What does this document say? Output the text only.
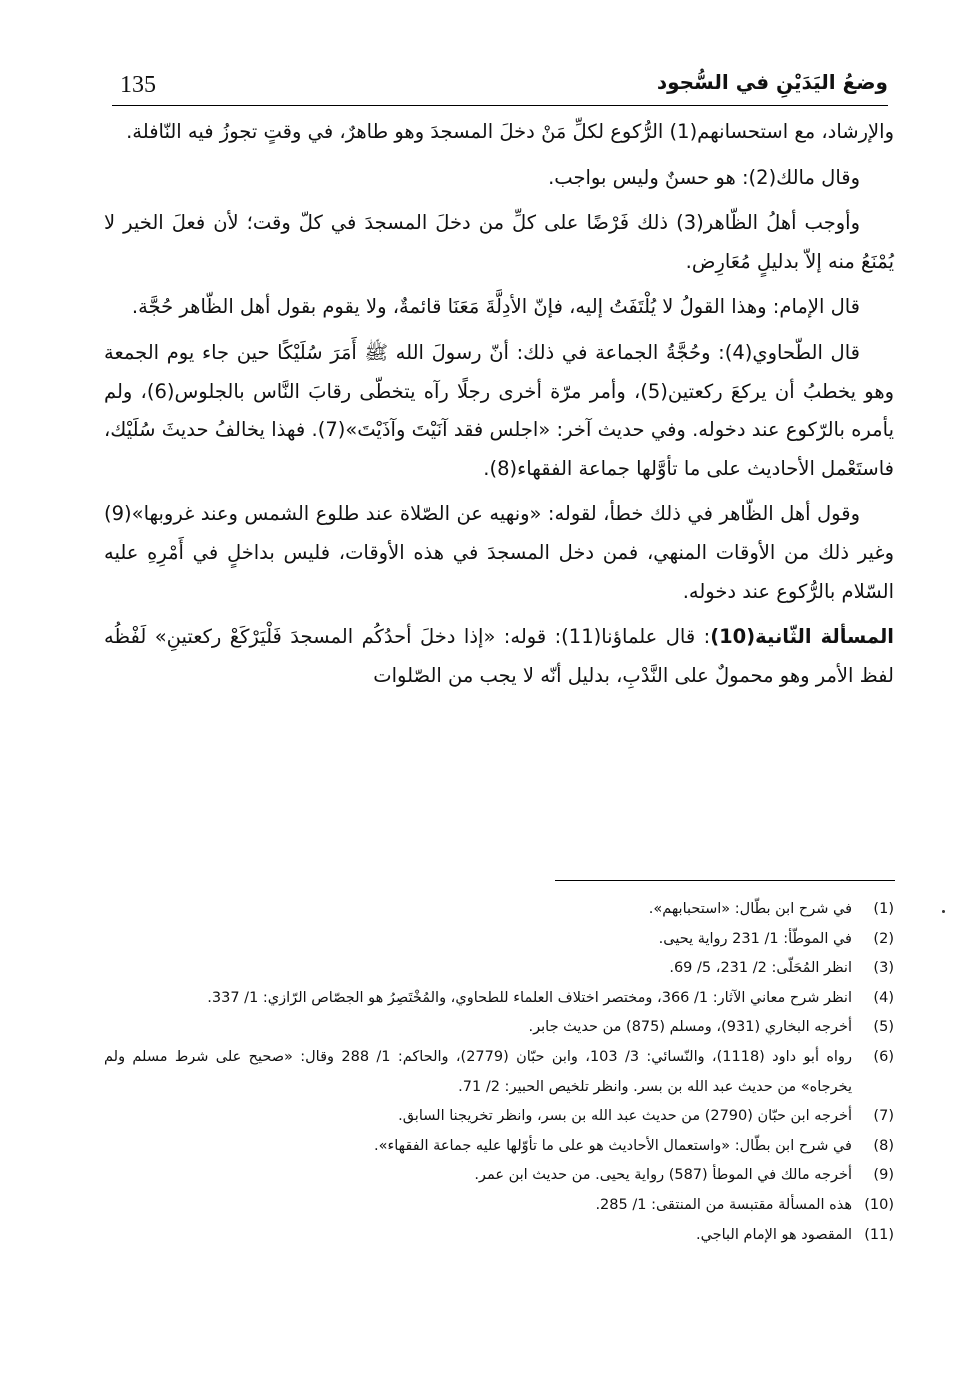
135	وضعُ اليَدَيْنِ في السُّجود

والإرشاد، مع استحسانهم(1) الرُّكوع لكلِّ مَنْ دخلَ المسجدَ وهو طاهرٌ، في وقتٍ تجوزُ فيه النّافلة.

وقال مالك(2): هو حسنٌ وليس بواجب.

وأوجب أهلُ الظّاهر(3) ذلك فَرْضًا على كلِّ من دخلَ المسجدَ في كلّ وقت؛ لأن فعلَ الخير لا يُمْنَعُ منه إلاّ بدليلٍ مُعَارِض.

قال الإمام: وهذا القولُ لا يُلْتَفَتُ إليه، فإنّ الأدِلَّةَ مَعَنَا قائمةٌ، ولا يقوم بقول أهل الظّاهر حُجَّة.

قال الطّحاوي(4): وحُجَّةُ الجماعة في ذلك: أنّ رسولَ الله ﷺ أَمَرَ سُلَيْكًا حين جاء يوم الجمعة وهو يخطبُ أن يركعَ ركعتين(5)، وأمر مرّة أخرى رجلًا رآه يتخطّى رقابَ النَّاس بالجلوس(6)، ولم يأمره بالرّكوع عند دخوله. وفي حديث آخر: «اجلس فقد آنَيْتَ وآذَيْتَ»(7). فهذا يخالفُ حديثَ سُلَيْك، فاستَعْمل الأحاديث على ما تأوَّلها جماعة الفقهاء(8).

وقول أهل الظّاهر في ذلك خطأ، لقوله: «ونهيه عن الصّلاة عند طلوع الشمس وعند غروبها»(9) وغير ذلك من الأوقات المنهي، فمن دخل المسجدَ في هذه الأوقات، فليس بداخلٍ في أَمْرِهِ عليه السّلام بالرُّكوع عند دخوله.

المسألة الثّانية(10): قال علماؤنا(11): قوله: «إذا دخلَ أحدُكُم المسجدَ فَلْيَرْكَعْ ركعتينِ» لَفْظُه لفظ الأمر وهو محمولٌ على النَّدْبِ، بدليل أنّه لا يجب من الصّلوات

(1)
في شرح ابن بطّال: «استحبابهم».
(2)
في الموطّأ: 1/ 231 رواية يحيى.
(3)
انظر المُحَلّى: 2/ 231، 5/ 69.
(4)
انظر شرح معاني الآثار: 1/ 366، ومختصر اختلاف العلماء للطحاوي، والمُخْتَصِرُ هو الجصّاص الرّازي: 1/ 337.
(5)
أخرجه البخاري (931)، ومسلم (875) من حديث جابر.
(6)
رواه أبو داود (1118)، والنّسائي: 3/ 103، وابن حبّان (2779)، والحاكم: 1/ 288 وقال: «صحيح على شرط مسلم ولم يخرجاه» من حديث عبد الله بن بسر. وانظر تلخيص الحبير: 2/ 71.
(7)
أخرجه ابن حبّان (2790) من حديث عبد الله بن بسر، وانظر تخريجنا السابق.
(8)
في شرح ابن بطّال: «واستعمال الأحاديث هو على ما تأوّلها عليه جماعة الفقهاء».
(9)
أخرجه مالك في الموطأ (587) رواية يحيى. من حديث ابن عمر.
(10)
هذه المسألة مقتبسة من المنتقى: 1/ 285.
(11)
المقصود هو الإمام الباجي.
